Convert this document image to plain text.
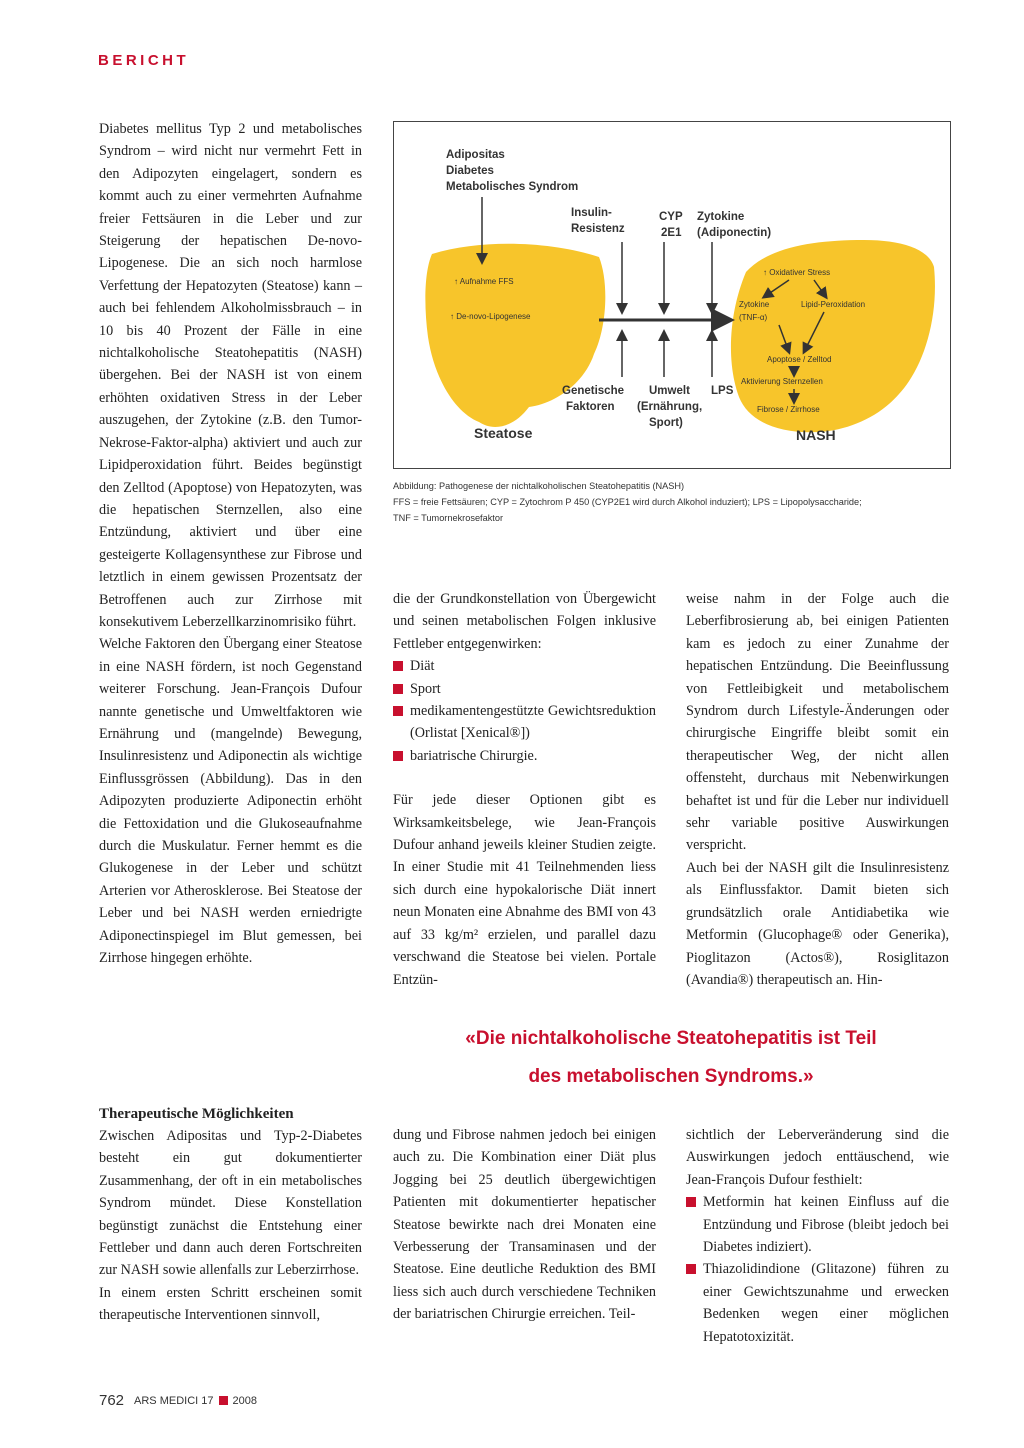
BERICHT

Diabetes mellitus Typ 2 und metabolisches Syndrom – wird nicht nur vermehrt Fett in den Adipozyten eingelagert, sondern es kommt auch zu einer vermehrten Aufnahme freier Fettsäuren in die Leber und zur Steigerung der hepatischen De-novo-Lipogenese. Die an sich noch harmlose Verfettung der Hepatozyten (Steatose) kann – auch bei fehlendem Alkoholmissbrauch – in 10 bis 40 Prozent der Fälle in eine nichtalkoholische Steatohepatitis (NASH) übergehen. Bei der NASH ist von einem erhöhten oxidativen Stress in der Leber auszugehen, der Zytokine (z.B. den Tumor-Nekrose-Faktor-alpha) aktiviert und auch zur Lipidperoxidation führt. Beides begünstigt den Zelltod (Apoptose) von Hepatozyten, was die hepatischen Sternzellen, also eine Entzündung, aktiviert und über eine gesteigerte Kollagensynthese zur Fibrose und letztlich in einem gewissen Prozentsatz der Betroffenen auch zur Zirrhose mit konsekutivem Leberzellkarzinomrisiko führt.

Welche Faktoren den Übergang einer Steatose in eine NASH fördern, ist noch Gegenstand weiterer Forschung. Jean-François Dufour nannte genetische und Umweltfaktoren wie Ernährung und (mangelnde) Bewegung, Insulinresistenz und Adiponectin als wichtige Einflussgrössen (Abbildung). Das in den Adipozyten produzierte Adiponectin erhöht die Fettoxidation und die Glukoseaufnahme durch die Muskulatur. Ferner hemmt es die Glukogenese in der Leber und schützt Arterien vor Atherosklerose. Bei Steatose der Leber und bei NASH werden erniedrigte Adiponectinspiegel im Blut gemessen, bei Zirrhose hingegen erhöhte.

Adipositas
Diabetes
Metabolisches Syndrom
Insulin-
Resistenz
CYP
2E1
Zytokine
(Adiponectin)
Genetische
Faktoren
Umwelt
(Ernährung,
Sport)
LPS
Steatose	NASH
↑ Aufnahme FFS
↑ De-novo-Lipogenese
↑ Oxidativer Stress
Zytokine
(TNF-α)
Lipid-Peroxidation
Apoptose / Zelltod
Aktivierung Sternzellen
Fibrose / Zirrhose
Abbildung: Pathogenese der nichtalkoholischen Steatohepatitis (NASH)
FFS = freie Fettsäuren; CYP = Zytochrom P 450 (CYP2E1 wird durch Alkohol induziert); LPS = Lipopolysaccharide;
TNF = Tumornekrosefaktor

die der Grundkonstellation von Übergewicht und seinen metabolischen Folgen inklusive Fettleber entgegenwirken:

Diät
Sport
medikamentengestützte Gewichtsreduktion (Orlistat [Xenical®])
bariatrische Chirurgie.

Für jede dieser Optionen gibt es Wirksamkeitsbelege, wie Jean-François Dufour anhand jeweils kleiner Studien zeigte. In einer Studie mit 41 Teilnehmenden liess sich durch eine hypokalorische Diät innert neun Monaten eine Abnahme des BMI von 43 auf 33 kg/m² erzielen, und parallel dazu verschwand die Steatose bei vielen. Portale Entzün-

weise nahm in der Folge auch die Leberfibrosierung ab, bei einigen Patienten kam es jedoch zu einer Zunahme der hepatischen Entzündung. Die Beeinflussung von Fettleibigkeit und metabolischem Syndrom durch Lifestyle-Änderungen oder chirurgische Eingriffe bleibt somit ein therapeutischer Weg, der nicht allen offensteht, durchaus mit Nebenwirkungen behaftet ist und für die Leber nur individuell sehr variable positive Auswirkungen verspricht.

Auch bei der NASH gilt die Insulinresistenz als Einflussfaktor. Damit bieten sich grundsätzlich orale Antidiabetika wie Metformin (Glucophage® oder Generika), Pioglitazon (Actos®), Rosiglitazon (Avandia®) therapeutisch an. Hin-

«Die nichtalkoholische Steatohepatitis ist Teil
des metabolischen Syndroms.»
Therapeutische Möglichkeiten

Zwischen Adipositas und Typ-2-Diabetes besteht ein gut dokumentierter Zusammenhang, der oft in ein metabolisches Syndrom mündet. Diese Konstellation begünstigt zunächst die Entstehung einer Fettleber und dann auch deren Fortschreiten zur NASH sowie allenfalls zur Leberzirrhose.

In einem ersten Schritt erscheinen somit therapeutische Interventionen sinnvoll,

dung und Fibrose nahmen jedoch bei einigen auch zu. Die Kombination einer Diät plus Jogging bei 25 deutlich übergewichtigen Patienten mit dokumentierter hepatischer Steatose bewirkte nach drei Monaten eine Verbesserung der Transaminasen und der Steatose. Eine deutliche Reduktion des BMI liess sich auch durch verschiedene Techniken der bariatrischen Chirurgie erreichen. Teil-

sichtlich der Leberveränderung sind die Auswirkungen jedoch enttäuschend, wie Jean-François Dufour festhielt:

Metformin hat keinen Einfluss auf die Entzündung und Fibrose (bleibt jedoch bei Diabetes indiziert).
Thiazolidindione (Glitazone) führen zu einer Gewichtszunahme und erwecken Bedenken wegen einer möglichen Hepatotoxizität.
762 ARS MEDICI 17 2008
